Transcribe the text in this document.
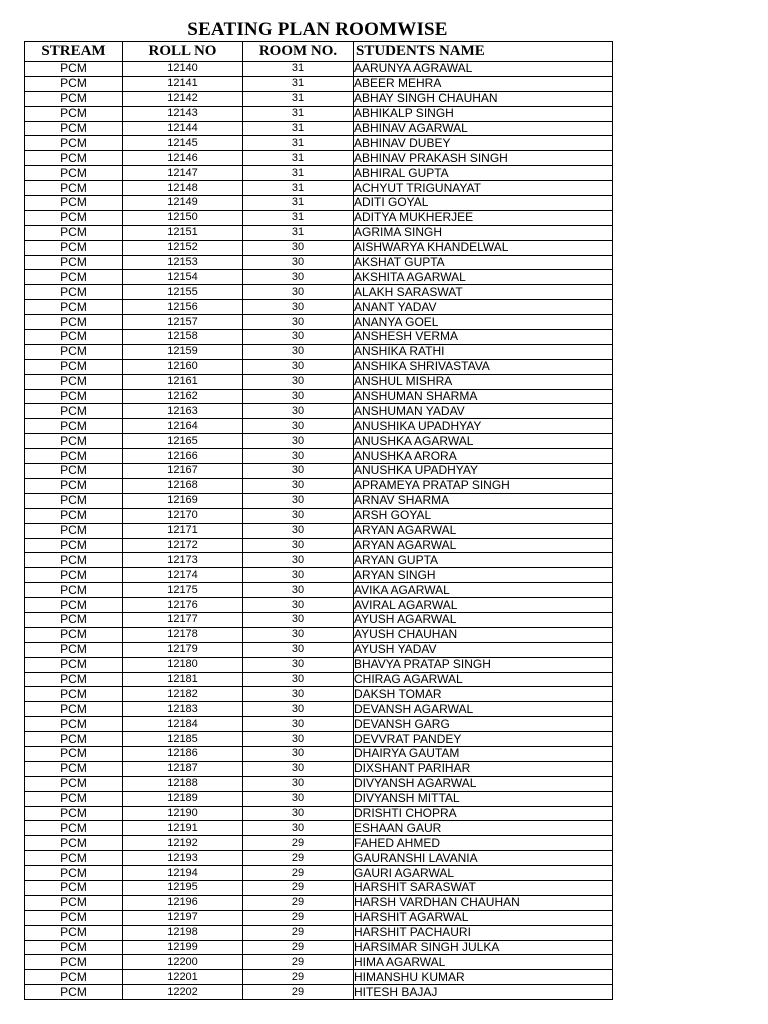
SEATING PLAN ROOMWISE
STREAM	ROLL NO	ROOM NO.	STUDENTS NAME
PCM	12140	31	AARUNYA AGRAWAL
PCM	12141	31	ABEER MEHRA
PCM	12142	31	ABHAY SINGH CHAUHAN
PCM	12143	31	ABHIKALP SINGH
PCM	12144	31	ABHINAV AGARWAL
PCM	12145	31	ABHINAV DUBEY
PCM	12146	31	ABHINAV PRAKASH SINGH
PCM	12147	31	ABHIRAL GUPTA
PCM	12148	31	ACHYUT TRIGUNAYAT
PCM	12149	31	ADITI GOYAL
PCM	12150	31	ADITYA MUKHERJEE
PCM	12151	31	AGRIMA SINGH
PCM	12152	30	AISHWARYA KHANDELWAL
PCM	12153	30	AKSHAT GUPTA
PCM	12154	30	AKSHITA AGARWAL
PCM	12155	30	ALAKH SARASWAT
PCM	12156	30	ANANT YADAV
PCM	12157	30	ANANYA GOEL
PCM	12158	30	ANSHESH VERMA
PCM	12159	30	ANSHIKA RATHI
PCM	12160	30	ANSHIKA SHRIVASTAVA
PCM	12161	30	ANSHUL MISHRA
PCM	12162	30	ANSHUMAN SHARMA
PCM	12163	30	ANSHUMAN YADAV
PCM	12164	30	ANUSHIKA UPADHYAY
PCM	12165	30	ANUSHKA AGARWAL
PCM	12166	30	ANUSHKA ARORA
PCM	12167	30	ANUSHKA UPADHYAY
PCM	12168	30	APRAMEYA PRATAP SINGH
PCM	12169	30	ARNAV SHARMA
PCM	12170	30	ARSH GOYAL
PCM	12171	30	ARYAN AGARWAL
PCM	12172	30	ARYAN AGARWAL
PCM	12173	30	ARYAN GUPTA
PCM	12174	30	ARYAN SINGH
PCM	12175	30	AVIKA AGARWAL
PCM	12176	30	AVIRAL AGARWAL
PCM	12177	30	AYUSH AGARWAL
PCM	12178	30	AYUSH CHAUHAN
PCM	12179	30	AYUSH YADAV
PCM	12180	30	BHAVYA PRATAP SINGH
PCM	12181	30	CHIRAG AGARWAL
PCM	12182	30	DAKSH TOMAR
PCM	12183	30	DEVANSH AGARWAL
PCM	12184	30	DEVANSH GARG
PCM	12185	30	DEVVRAT PANDEY
PCM	12186	30	DHAIRYA GAUTAM
PCM	12187	30	DIXSHANT PARIHAR
PCM	12188	30	DIVYANSH AGARWAL
PCM	12189	30	DIVYANSH MITTAL
PCM	12190	30	DRISHTI CHOPRA
PCM	12191	30	ESHAAN GAUR
PCM	12192	29	FAHED AHMED
PCM	12193	29	GAURANSHI LAVANIA
PCM	12194	29	GAURI AGARWAL
PCM	12195	29	HARSHIT SARASWAT
PCM	12196	29	HARSH VARDHAN CHAUHAN
PCM	12197	29	HARSHIT AGARWAL
PCM	12198	29	HARSHIT PACHAURI
PCM	12199	29	HARSIMAR SINGH JULKA
PCM	12200	29	HIMA AGARWAL
PCM	12201	29	HIMANSHU KUMAR
PCM	12202	29	HITESH BAJAJ
